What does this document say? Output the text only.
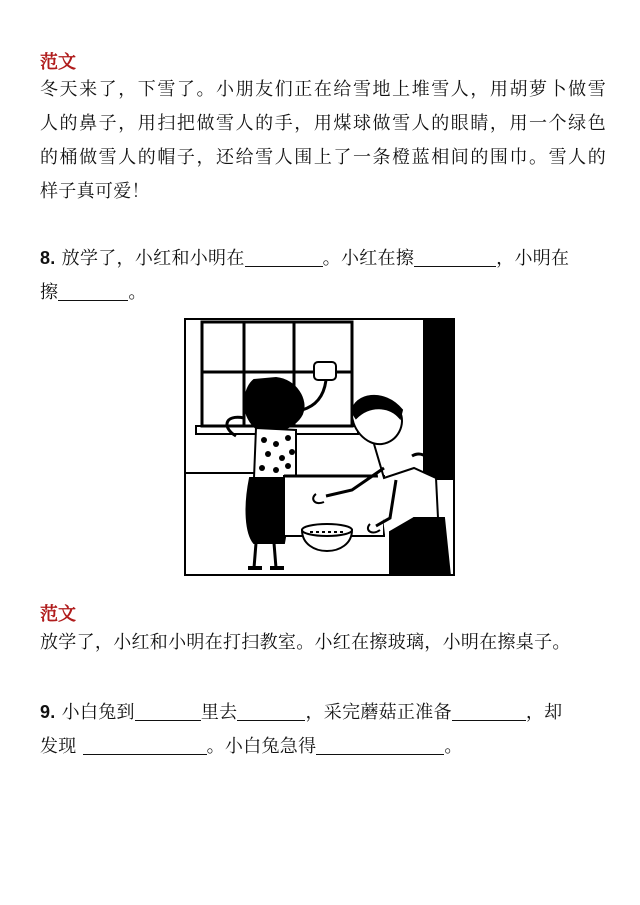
范文
冬天来了，下雪了。小朋友们正在给雪地上堆雪人，用胡萝卜做雪
人的鼻子，用扫把做雪人的手，用煤球做雪人的眼睛，用一个绿色
的桶做雪人的帽子，还给雪人围上了一条橙蓝相间的围巾。雪人的
样子真可爱！
8. 放学了，小红和小明在	。小红在擦	，小明在
擦	。
范文
放学了，小红和小明在打扫教室。小红在擦玻璃，小明在擦桌子。
9. 小白兔到	里去	，采完蘑菇正准备	，却
发现	。小白兔急得	。
